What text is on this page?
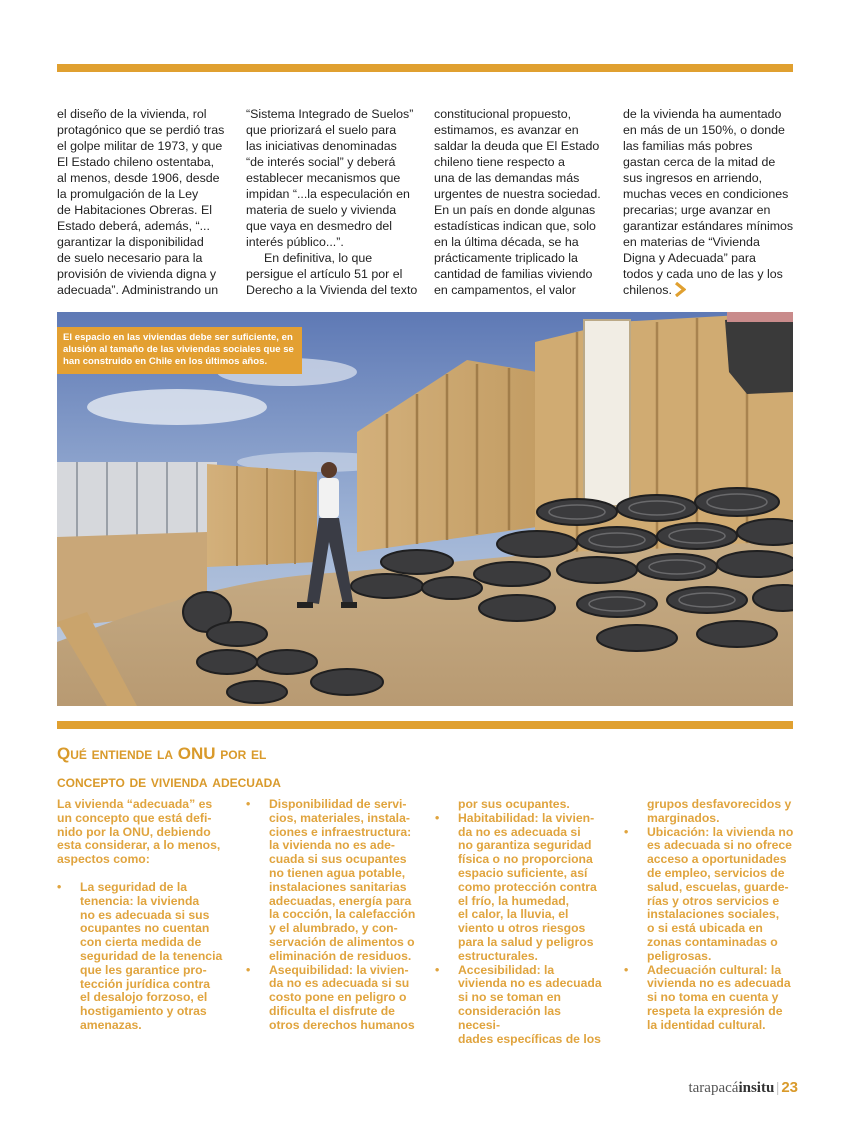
el diseño de la vivienda, rol
protagónico que se perdió tras
el golpe militar de 1973, y que
El Estado chileno ostentaba,
al menos, desde 1906, desde
la promulgación de la Ley
de Habitaciones Obreras. El
Estado deberá, además, “...
garantizar la disponibilidad
de suelo necesario para la
provisión de vivienda digna y
adecuada”. Administrando un

“Sistema Integrado de Suelos”
que priorizará el suelo para
las iniciativas denominadas
“de interés social” y deberá
establecer mecanismos que
impidan “...la especulación en
materia de suelo y vivienda
que vaya en desmedro del
interés público...”.

En definitiva, lo que
persigue el artículo 51 por el
Derecho a la Vivienda del texto

constitucional propuesto,
estimamos, es avanzar en
saldar la deuda que El Estado
chileno tiene respecto a
una de las demandas más
urgentes de nuestra sociedad.
En un país en donde algunas
estadísticas indican que, solo
en la última década, se ha
prácticamente triplicado la
cantidad de familias viviendo
en campamentos, el valor

de la vivienda ha aumentado
en más de un 150%, o donde
las familias más pobres
gastan cerca de la mitad de
sus ingresos en arriendo,
muchas veces en condiciones
precarias; urge avanzar en
garantizar estándares mínimos
en materias de “Vivienda
Digna y Adecuada” para
todos y cada uno de las y los
chilenos.

El espacio en las viviendas debe ser suficiente, en alusión al tamaño de las viviendas sociales que se han construido en Chile en los últimos años.
Qué entiende la ONU por el
concepto de vivienda adecuada

La vivienda “adecuada” es
un concepto que está defi-
nido por la ONU, debiendo
esta considerar, a lo menos,
aspectos como:

• La seguridad de la
tenencia: la vivienda
no es adecuada si sus
ocupantes no cuentan
con cierta medida de
seguridad de la tenencia
que les garantice pro-
tección jurídica contra
el desalojo forzoso, el
hostigamiento y otras
amenazas.
• Disponibilidad de servi-
cios, materiales, instala-
ciones e infraestructura:
la vivienda no es ade-
cuada si sus ocupantes
no tienen agua potable,
instalaciones sanitarias
adecuadas, energía para
la cocción, la calefacción
y el alumbrado, y con-
servación de alimentos o
eliminación de residuos.
• Asequibilidad: la vivien-
da no es adecuada si su
costo pone en peligro o
dificulta el disfrute de
otros derechos humanos

por sus ocupantes.

• Habitabilidad: la vivien-
da no es adecuada si
no garantiza seguridad
física o no proporciona
espacio suficiente, así
como protección contra
el frío, la humedad,
el calor, la lluvia, el
viento u otros riesgos
para la salud y peligros
estructurales.
• Accesibilidad: la
vivienda no es adecuada
si no se toman en
consideración las necesi-
dades específicas de los

grupos desfavorecidos y
marginados.

• Ubicación: la vivienda no
es adecuada si no ofrece
acceso a oportunidades
de empleo, servicios de
salud, escuelas, guarde-
rías y otros servicios e
instalaciones sociales,
o si está ubicada en
zonas contaminadas o
peligrosas.
• Adecuación cultural: la
vivienda no es adecuada
si no toma en cuenta y
respeta la expresión de
la identidad cultural.
tarapacáinsitu | 23
